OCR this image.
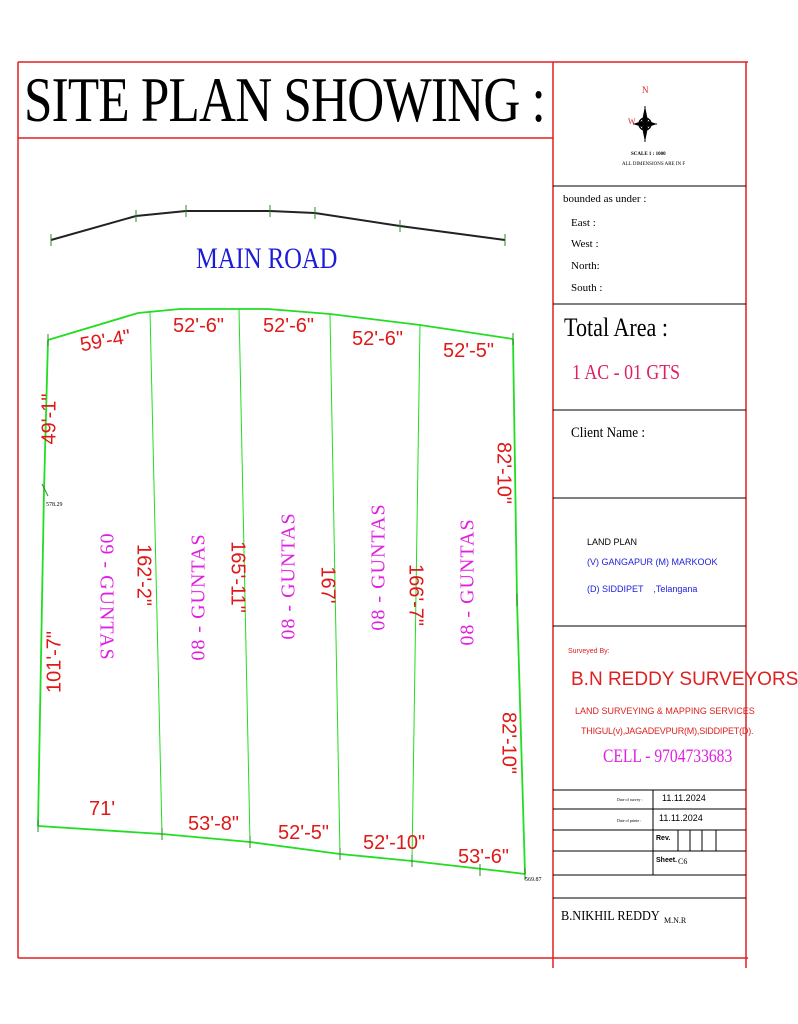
SITE PLAN SHOWING :
MAIN ROAD
N
W
SCALE 1 : 1000
ALL DIMENSIONS ARE IN F
bounded as under :
East :
West :
North:
South :
Total Area :
1 AC - 01 GTS
Client Name :
LAND PLAN
(V) GANGAPUR (M) MARKOOK
(D) SIDDIPET    ,Telangana
Surveyed By:
B.N REDDY SURVEYORS
LAND SURVEYING & MAPPING SERVICES
THIGUL(v),JAGADEVPUR(M),SIDDIPET(D).
CELL - 9704733683
Date of survey : 11.11.2024
Date of printe : 11.11.2024
Rev.
Sheet. C6
B.NIKHIL REDDY M.N.R
578.29
569.87
59'-4" 52'-6" 52'-6"
52'-6"
52'-5"
71'
53'-8" 52'-5" 52'-10"
53'-6"
49'-1"
101'-7"
82'-10"
82'-10"
162'-2"	165'-11"	167'	166'-7"
09 - GUNTAS	08 - GUNTAS	08 - GUNTAS	08 - GUNTAS	08 - GUNTAS
